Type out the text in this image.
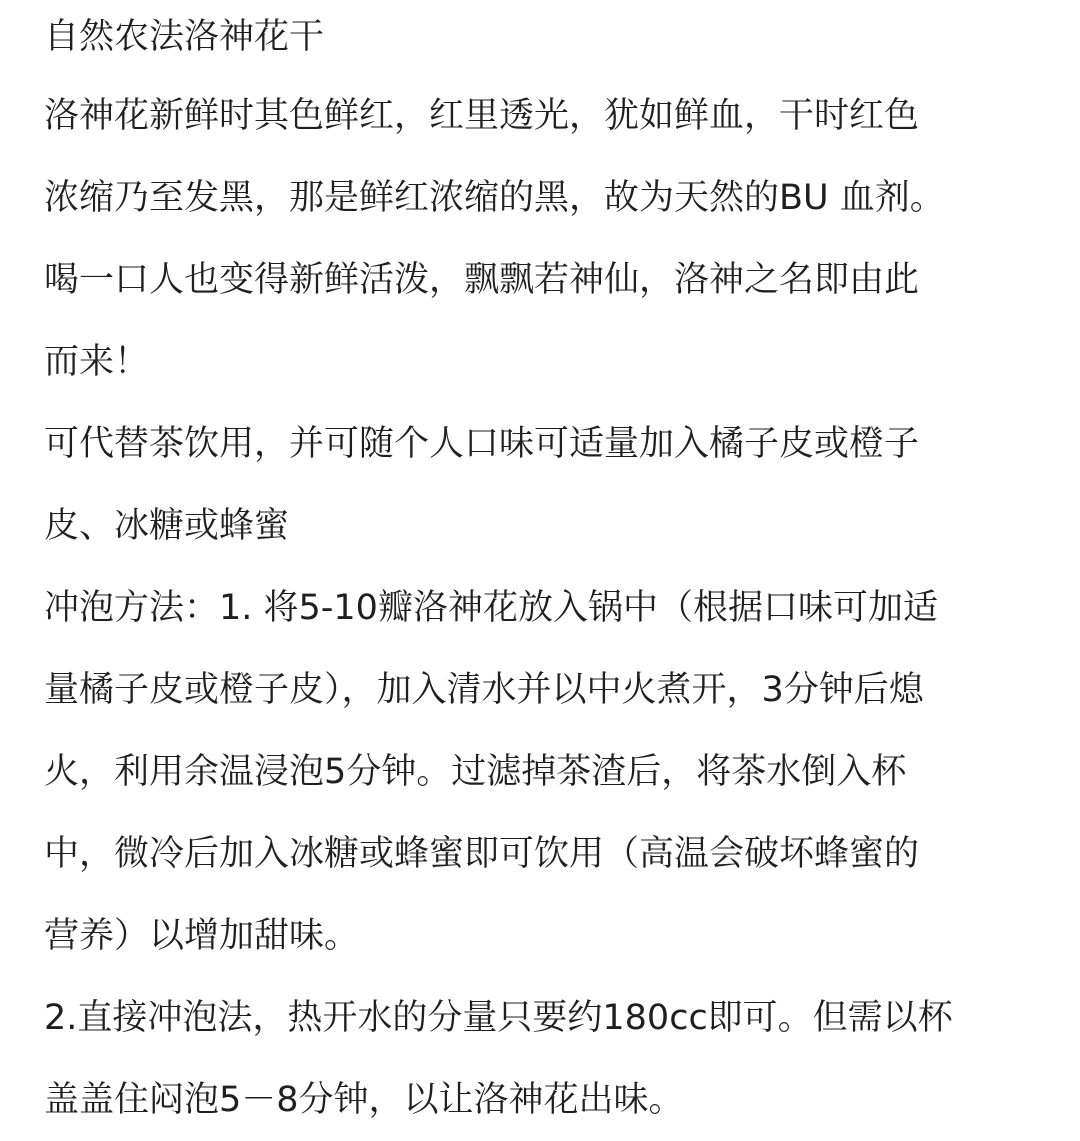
自然农法洛神花干
洛神花新鲜时其色鲜红，红里透光，犹如鲜血，干时红色
浓缩乃至发黑，那是鲜红浓缩的黑，故为天然的BU 血剂。
喝一口人也变得新鲜活泼，飘飘若神仙，洛神之名即由此
而来！
可代替茶饮用，并可随个人口味可适量加入橘子皮或橙子
皮、冰糖或蜂蜜
冲泡方法：1. 将5-10瓣洛神花放入锅中（根据口味可加适
量橘子皮或橙子皮），加入清水并以中火煮开，3分钟后熄
火，利用余温浸泡5分钟。过滤掉茶渣后，将茶水倒入杯
中，微冷后加入冰糖或蜂蜜即可饮用（高温会破坏蜂蜜的
营养）以增加甜味。
2.直接冲泡法，热开水的分量只要约180cc即可。但需以杯
盖盖住闷泡5－8分钟，以让洛神花出味。
